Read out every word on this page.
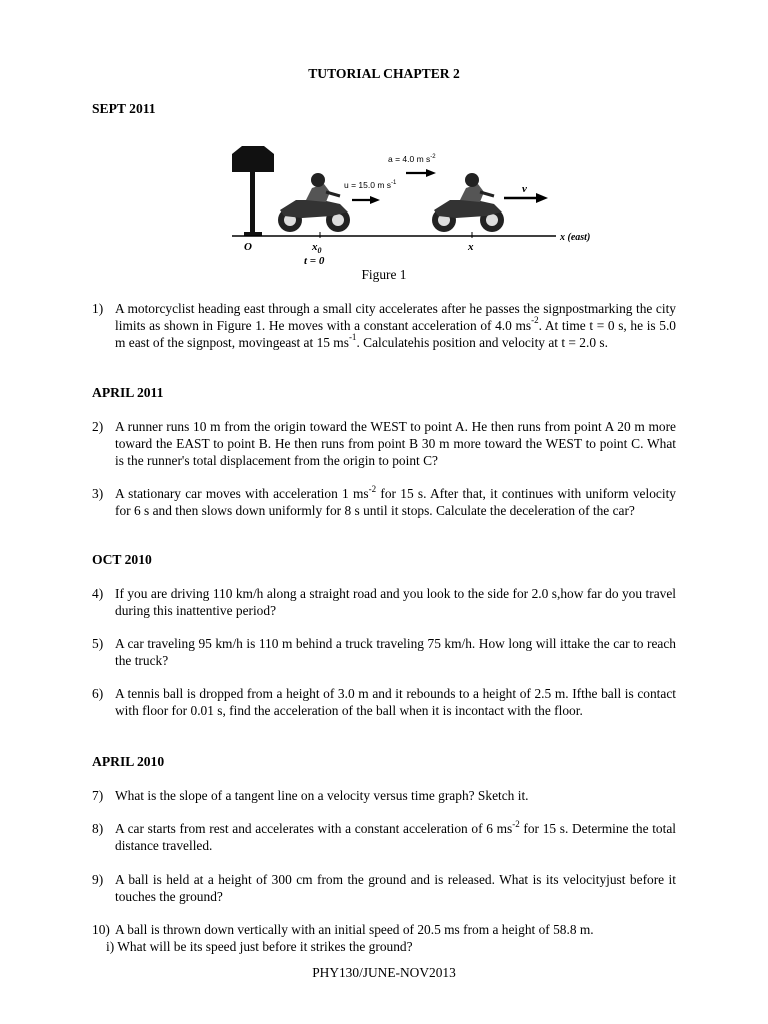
TUTORIAL CHAPTER 2
SEPT 2011
a = 4.0 m $s^{-2}$
u = 15.0 m $s^{-1}$	v
x (east)
O	$x_0$	x
t = 0
Figure 1
1) A motorcyclist heading east through a small city accelerates after he passes the signpostmarking the city limits as shown in Figure 1. He moves with a constant acceleration of 4.0 $ms^{-2}$. At time t = 0 s, he is 5.0 m east of the signpost, movingeast at 15 $ms^{-1}$. Calculatehis position and velocity at t = 2.0 s.
APRIL 2011
2) A runner runs 10 m from the origin toward the WEST to point A. He then runs from point A 20 m more toward the EAST to point B. He then runs from point B 30 m more toward the WEST to point C. What is the runner's total displacement from the origin to point C?
3) A stationary car moves with acceleration 1 $ms^{-2}$ for 15 s. After that, it continues with uniform velocity for 6 s and then slows down uniformly for 8 s until it stops. Calculate the deceleration of the car?
OCT 2010
4) If you are driving 110 km/h along a straight road and you look to the side for 2.0 s,how far do you travel during this inattentive period?
5) A car traveling 95 km/h is 110 m behind a truck traveling 75 km/h. How long will ittake the car to reach the truck?
6) A tennis ball is dropped from a height of 3.0 m and it rebounds to a height of 2.5 m. Ifthe ball is contact with floor for 0.01 s, find the acceleration of the ball when it is incontact with the floor.
APRIL 2010
7) What is the slope of a tangent line on a velocity versus time graph? Sketch it.
8) A car starts from rest and accelerates with a constant acceleration of 6 $ms^{-2}$ for 15 s. Determine the total distance travelled.
9) A ball is held at a height of 300 cm from the ground and is released. What is its velocityjust before it touches the ground?
10) A ball is thrown down vertically with an initial speed of 20.5 ms from a height of 58.8 m.
i) What will be its speed just before it strikes the ground?
PHY130/JUNE-NOV2013
